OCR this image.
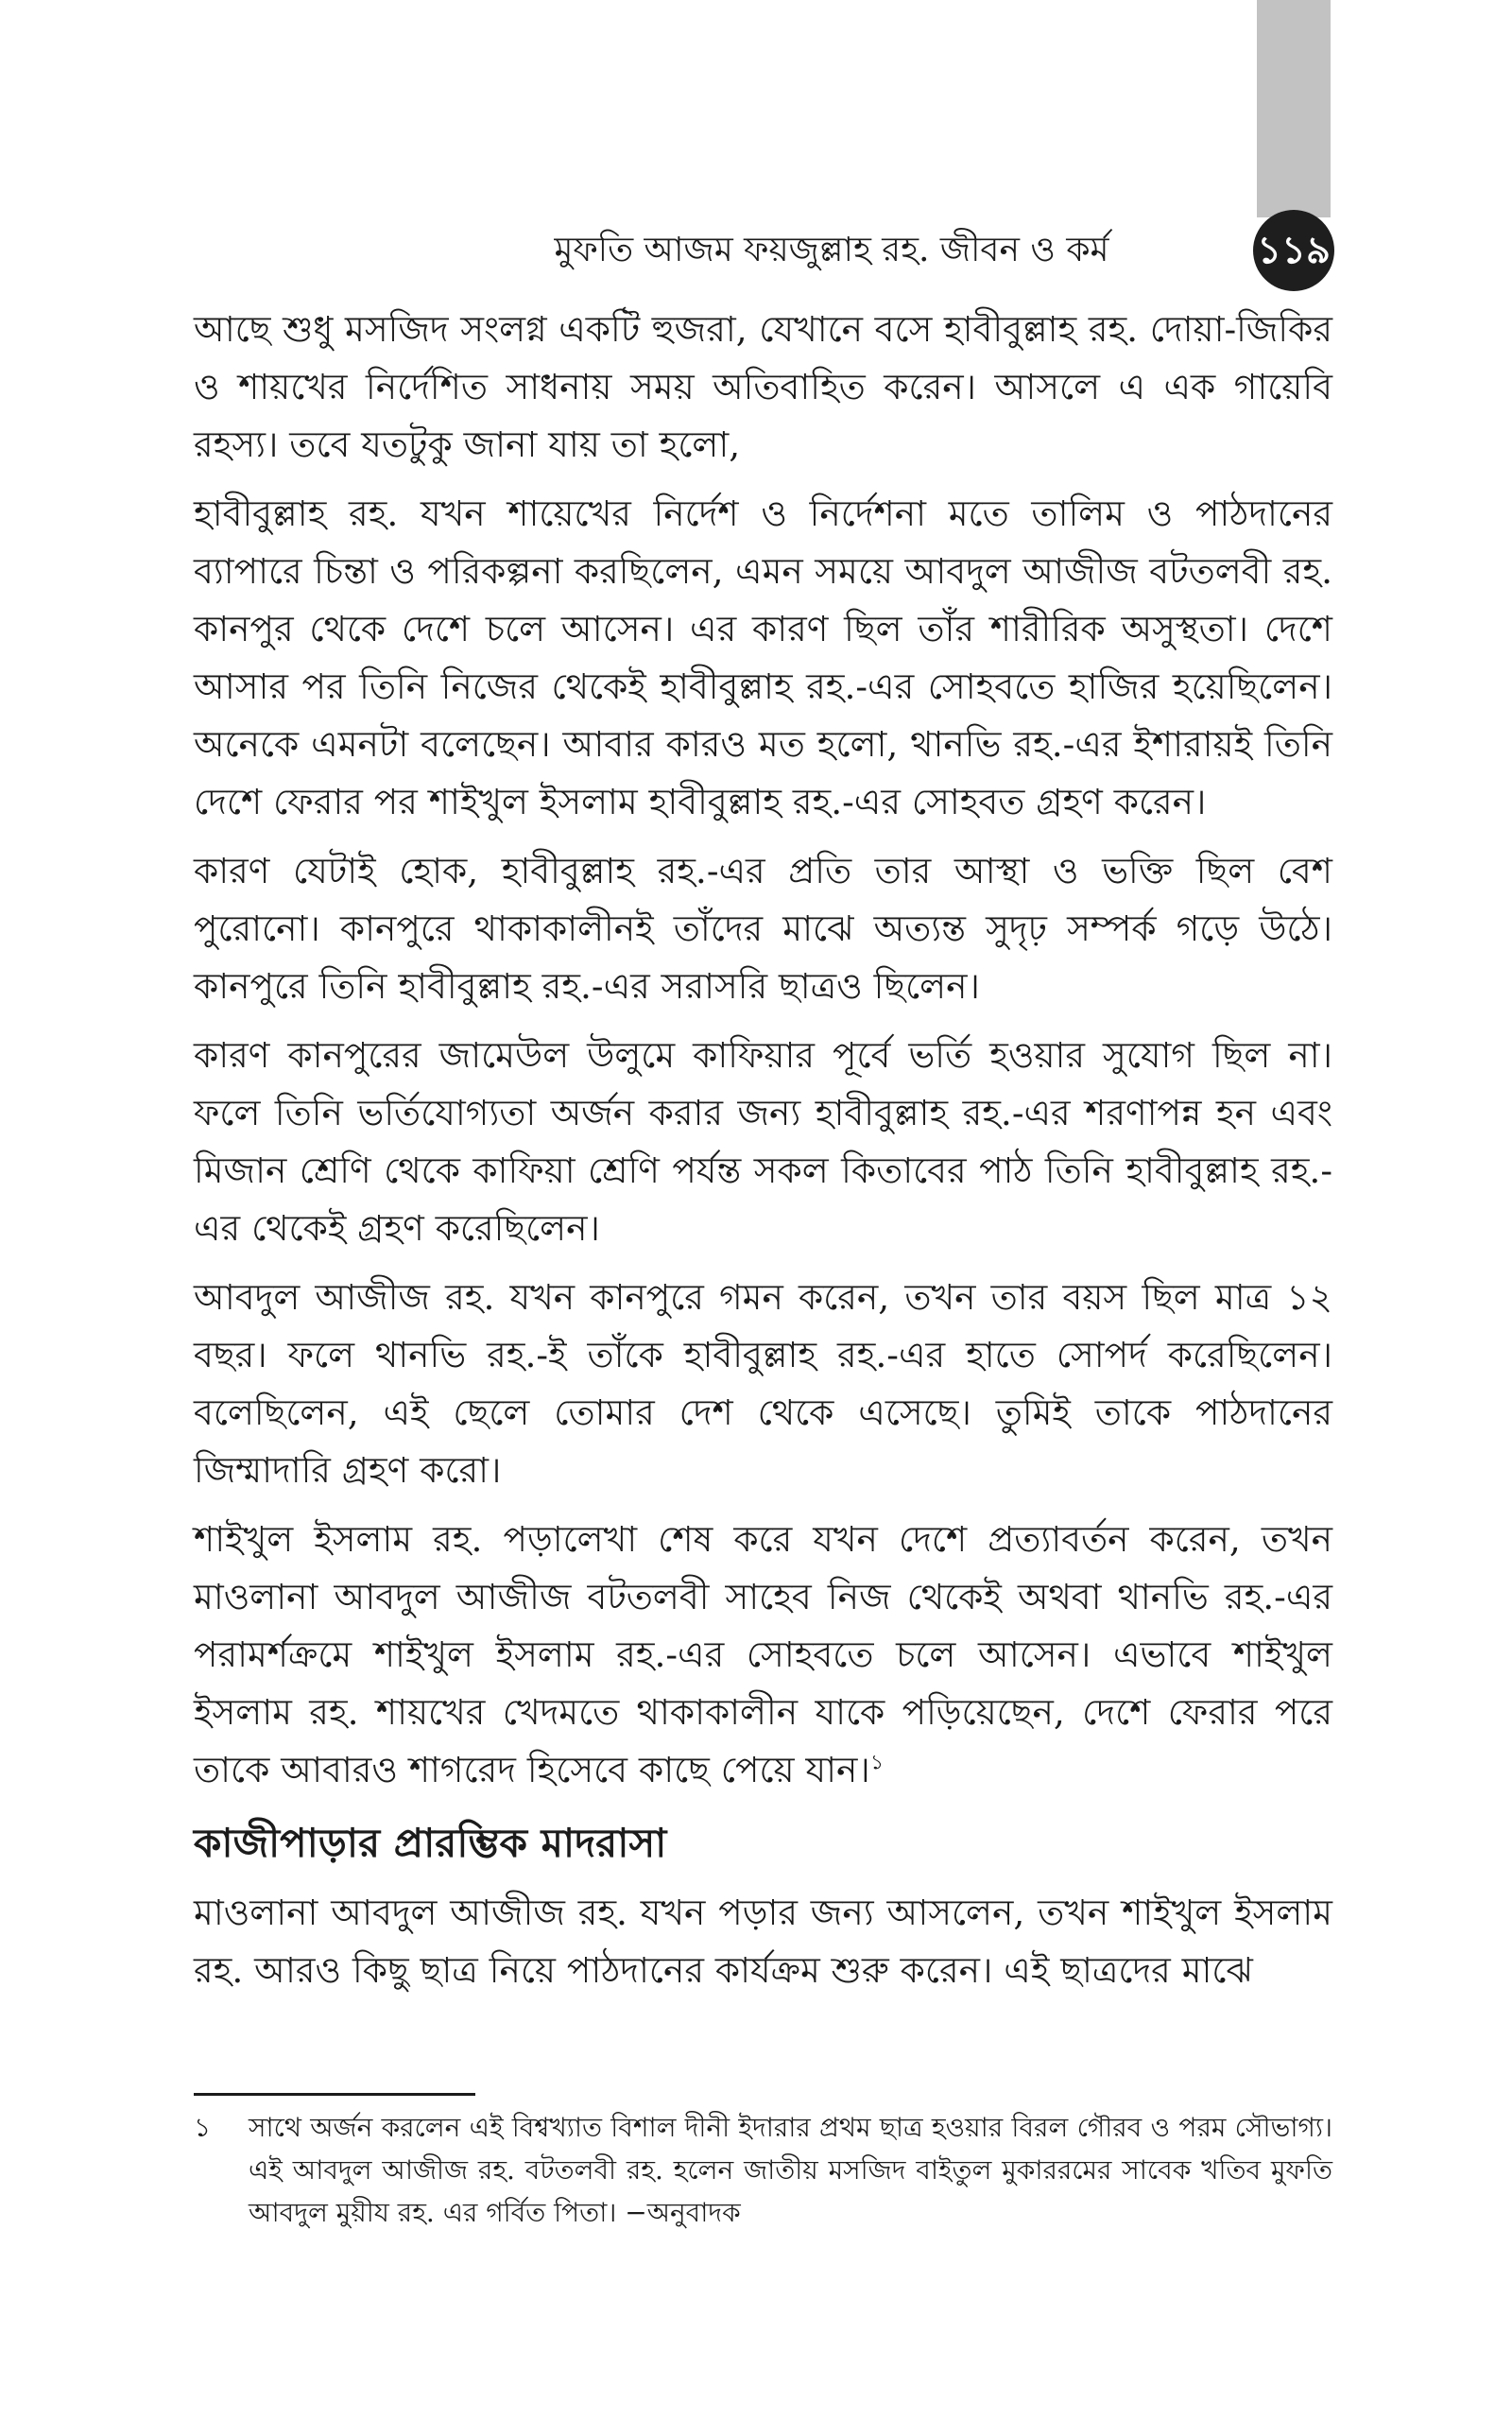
১১৯
মুফতি আজম ফয়জুল্লাহ রহ. জীবন ও কর্ম

আছে শুধু মসজিদ সংলগ্ন একটি হুজরা, যেখানে বসে হাবীবুল্লাহ রহ. দোয়া-জিকির ও শায়খের নির্দেশিত সাধনায় সময় অতিবাহিত করেন। আসলে এ এক গায়েবি রহস্য। তবে যতটুকু জানা যায় তা হলো,

হাবীবুল্লাহ রহ. যখন শায়েখের নির্দেশ ও নির্দেশনা মতে তালিম ও পাঠদানের ব্যাপারে চিন্তা ও পরিকল্পনা করছিলেন, এমন সময়ে আবদুল আজীজ বটতলবী রহ. কানপুর থেকে দেশে চলে আসেন। এর কারণ ছিল তাঁর শারীরিক অসুস্থতা। দেশে আসার পর তিনি নিজের থেকেই হাবীবুল্লাহ রহ.-এর সোহবতে হাজির হয়েছিলেন। অনেকে এমনটা বলেছেন। আবার কারও মত হলো, থানভি রহ.-এর ইশারায়ই তিনি দেশে ফেরার পর শাইখুল ইসলাম হাবীবুল্লাহ রহ.-এর সোহবত গ্রহণ করেন।

কারণ যেটাই হোক, হাবীবুল্লাহ রহ.-এর প্রতি তার আস্থা ও ভক্তি ছিল বেশ পুরোনো। কানপুরে থাকাকালীনই তাঁদের মাঝে অত্যন্ত সুদৃঢ় সম্পর্ক গড়ে উঠে। কানপুরে তিনি হাবীবুল্লাহ রহ.-এর সরাসরি ছাত্রও ছিলেন।

কারণ কানপুরের জামেউল উলুমে কাফিয়ার পূর্বে ভর্তি হওয়ার সুযোগ ছিল না। ফলে তিনি ভর্তিযোগ্যতা অর্জন করার জন্য হাবীবুল্লাহ রহ.-এর শরণাপন্ন হন এবং মিজান শ্রেণি থেকে কাফিয়া শ্রেণি পর্যন্ত সকল কিতাবের পাঠ তিনি হাবীবুল্লাহ রহ.-এর থেকেই গ্রহণ করেছিলেন।

আবদুল আজীজ রহ. যখন কানপুরে গমন করেন, তখন তার বয়স ছিল মাত্র ১২ বছর। ফলে থানভি রহ.-ই তাঁকে হাবীবুল্লাহ রহ.-এর হাতে সোপর্দ করেছিলেন। বলেছিলেন, এই ছেলে তোমার দেশ থেকে এসেছে। তুমিই তাকে পাঠদানের জিম্মাদারি গ্রহণ করো।

শাইখুল ইসলাম রহ. পড়ালেখা শেষ করে যখন দেশে প্রত্যাবর্তন করেন, তখন মাওলানা আবদুল আজীজ বটতলবী সাহেব নিজ থেকেই অথবা থানভি রহ.-এর পরামর্শক্রমে শাইখুল ইসলাম রহ.-এর সোহবতে চলে আসেন। এভাবে শাইখুল ইসলাম রহ. শায়খের খেদমতে থাকাকালীন যাকে পড়িয়েছেন, দেশে ফেরার পরে তাকে আবারও শাগরেদ হিসেবে কাছে পেয়ে যান।$^১$

কাজীপাড়ার প্রারম্ভিক মাদরাসা

মাওলানা আবদুল আজীজ রহ. যখন পড়ার জন্য আসলেন, তখন শাইখুল ইসলাম রহ. আরও কিছু ছাত্র নিয়ে পাঠদানের কার্যক্রম শুরু করেন। এই ছাত্রদের মাঝে

১	সাথে অর্জন করলেন এই বিশ্বখ্যাত বিশাল দীনী ইদারার প্রথম ছাত্র হওয়ার বিরল গৌরব ও পরম সৌভাগ্য। এই আবদুল আজীজ রহ. বটতলবী রহ. হলেন জাতীয় মসজিদ বাইতুল মুকাররমের সাবেক খতিব মুফতি আবদুল মুয়ীয রহ. এর গর্বিত পিতা। −অনুবাদক
